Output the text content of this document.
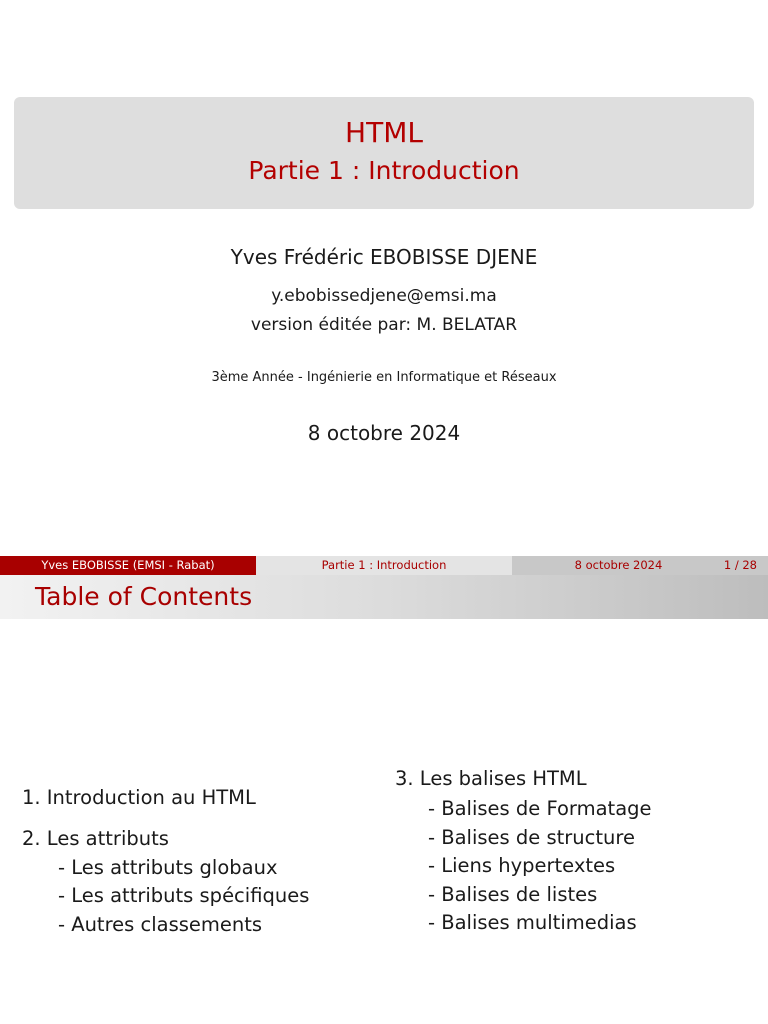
HTML
Partie 1 : Introduction
Yves Frédéric EBOBISSE DJENE
y.ebobissedjene@emsi.ma
version éditée par: M. BELATAR
3ème Année - Ingénierie en Informatique et Réseaux
8 octobre 2024
Yves EBOBISSE (EMSI - Rabat)	Partie 1 : Introduction	8 octobre 2024	1 / 28
Table of Contents
1. Introduction au HTML
2. Les attributs
- Les attributs globaux
- Les attributs spécifiques
- Autres classements
3. Les balises HTML
- Balises de Formatage
- Balises de structure
- Liens hypertextes
- Balises de listes
- Balises multimedias
